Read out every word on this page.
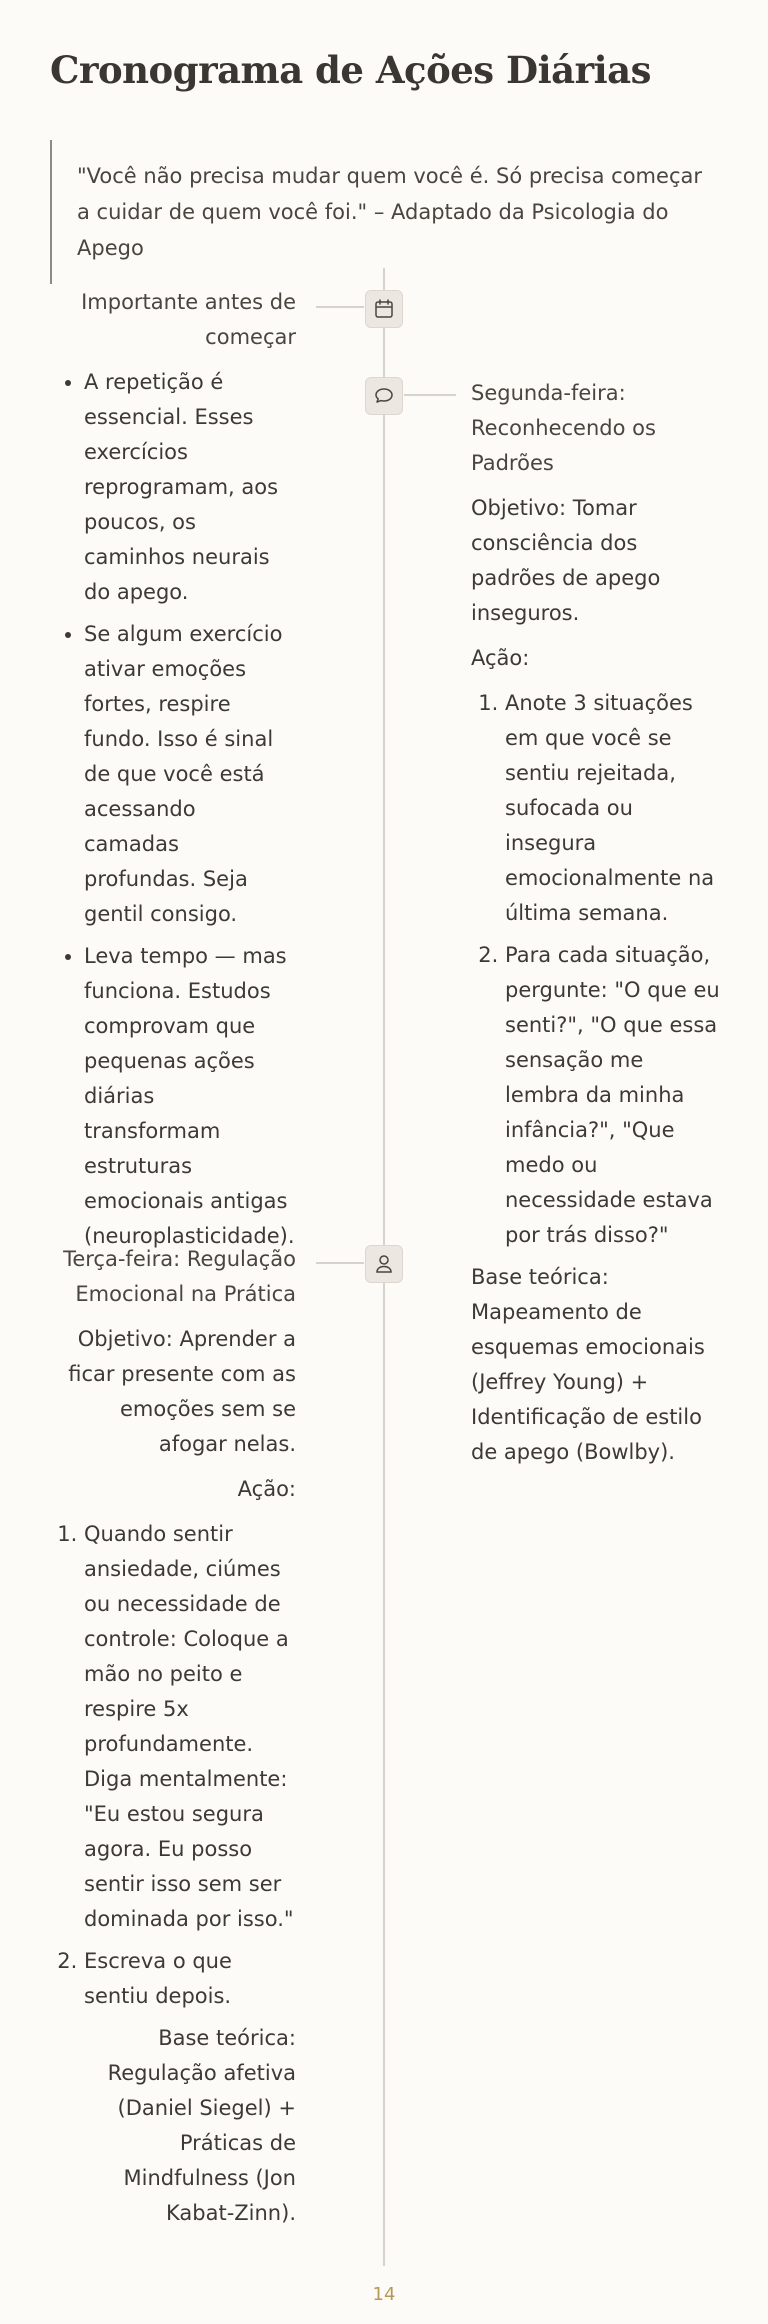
Cronograma de Ações Diárias
"Você não precisa mudar quem você é. Só precisa começar a cuidar de quem você foi." – Adaptado da Psicologia do Apego
Importante antes de começar
• A repetição é essencial. Esses exercícios reprogramam, aos poucos, os caminhos neurais do apego.
• Se algum exercício ativar emoções fortes, respire fundo. Isso é sinal de que você está acessando camadas profundas. Seja gentil consigo.
• Leva tempo — mas funciona. Estudos comprovam que pequenas ações diárias transformam estruturas emocionais antigas (neuroplasticidade).
Segunda-feira: Reconhecendo os Padrões

Objetivo: Tomar consciência dos padrões de apego inseguros.

Ação:

1. Anote 3 situações em que você se sentiu rejeitada, sufocada ou insegura emocionalmente na última semana.
2. Para cada situação, pergunte: "O que eu senti?", "O que essa sensação me lembra da minha infância?", "Que medo ou necessidade estava por trás disso?"

Base teórica: Mapeamento de esquemas emocionais (Jeffrey Young) + Identificação de estilo de apego (Bowlby).

Terça-feira: Regulação Emocional na Prática

Objetivo: Aprender a ficar presente com as emoções sem se afogar nelas.

Ação:

1. Quando sentir ansiedade, ciúmes ou necessidade de controle: Coloque a mão no peito e respire 5x profundamente. Diga mentalmente: "Eu estou segura agora. Eu posso sentir isso sem ser dominada por isso."
2. Escreva o que sentiu depois.

Base teórica: Regulação afetiva (Daniel Siegel) + Práticas de Mindfulness (Jon Kabat-Zinn).

14
